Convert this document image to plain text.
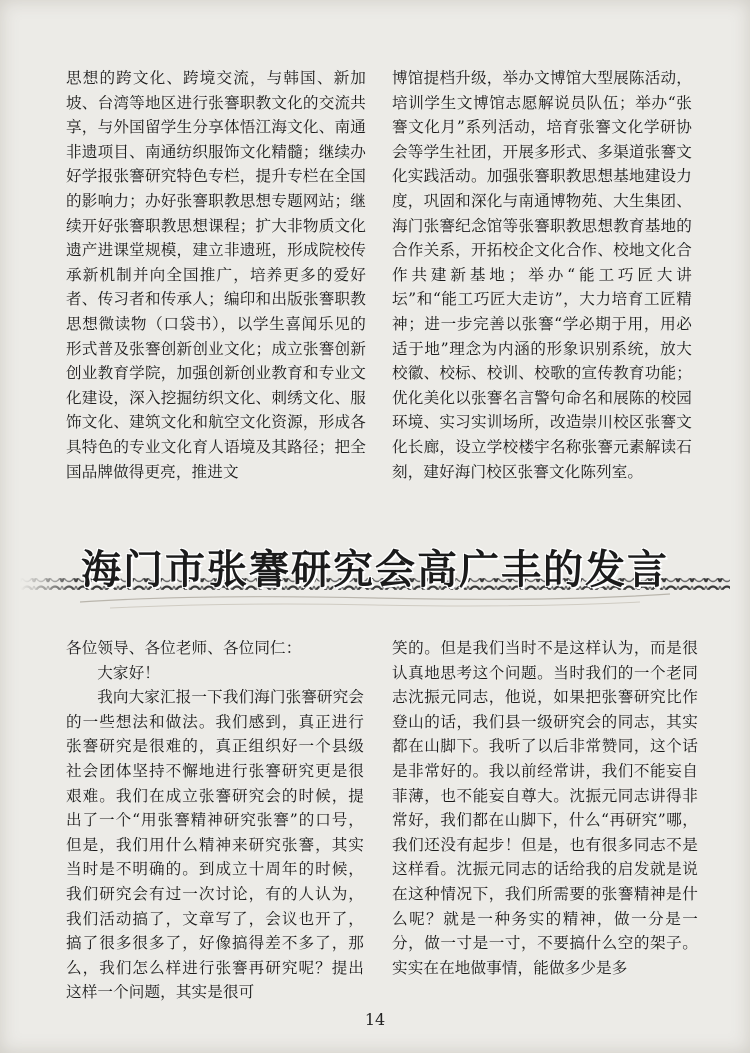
思想的跨文化、跨境交流，与韩国、新加坡、台湾等地区进行张謇职教文化的交流共享，与外国留学生分享体悟江海文化、南通非遗项目、南通纺织服饰文化精髓；继续办好学报张謇研究特色专栏，提升专栏在全国的影响力；办好张謇职教思想专题网站；继续开好张謇职教思想课程；扩大非物质文化遗产进课堂规模，建立非遗班，形成院校传承新机制并向全国推广，培养更多的爱好者、传习者和传承人；编印和出版张謇职教思想微读物（口袋书），以学生喜闻乐见的形式普及张謇创新创业文化；成立张謇创新创业教育学院，加强创新创业教育和专业文化建设，深入挖掘纺织文化、刺绣文化、服饰文化、建筑文化和航空文化资源，形成各具特色的专业文化育人语境及其路径；把全国品牌做得更亮，推进文

博馆提档升级，举办文博馆大型展陈活动，培训学生文博馆志愿解说员队伍；举办“张謇文化月”系列活动，培育张謇文化学研协会等学生社团，开展多形式、多渠道张謇文化实践活动。加强张謇职教思想基地建设力度，巩固和深化与南通博物苑、大生集团、海门张謇纪念馆等张謇职教思想教育基地的合作关系，开拓校企文化合作、校地文化合作共建新基地；举办“能工巧匠大讲坛”和“能工巧匠大走访”，大力培育工匠精神；进一步完善以张謇“学必期于用，用必适于地”理念为内涵的形象识别系统，放大校徽、校标、校训、校歌的宣传教育功能；优化美化以张謇名言警句命名和展陈的校园环境、实习实训场所，改造崇川校区张謇文化长廊，设立学校楼宇名称张謇元素解读石刻，建好海门校区张謇文化陈列室。

海门市张謇研究会高广丰的发言

各位领导、各位老师、各位同仁：

大家好！

我向大家汇报一下我们海门张謇研究会的一些想法和做法。我们感到，真正进行张謇研究是很难的，真正组织好一个县级社会团体坚持不懈地进行张謇研究更是很艰难。我们在成立张謇研究会的时候，提出了一个“用张謇精神研究张謇”的口号，但是，我们用什么精神来研究张謇，其实当时是不明确的。到成立十周年的时候，我们研究会有过一次讨论，有的人认为，我们活动搞了，文章写了，会议也开了，搞了很多很多了，好像搞得差不多了，那么，我们怎么样进行张謇再研究呢？提出这样一个问题，其实是很可

笑的。但是我们当时不是这样认为，而是很认真地思考这个问题。当时我们的一个老同志沈振元同志，他说，如果把张謇研究比作登山的话，我们县一级研究会的同志，其实都在山脚下。我听了以后非常赞同，这个话是非常好的。我以前经常讲，我们不能妄自菲薄，也不能妄自尊大。沈振元同志讲得非常好，我们都在山脚下，什么“再研究”哪，我们还没有起步！但是，也有很多同志不是这样看。沈振元同志的话给我的启发就是说在这种情况下，我们所需要的张謇精神是什么呢？就是一种务实的精神，做一分是一分，做一寸是一寸，不要搞什么空的架子。实实在在地做事情，能做多少是多

14
